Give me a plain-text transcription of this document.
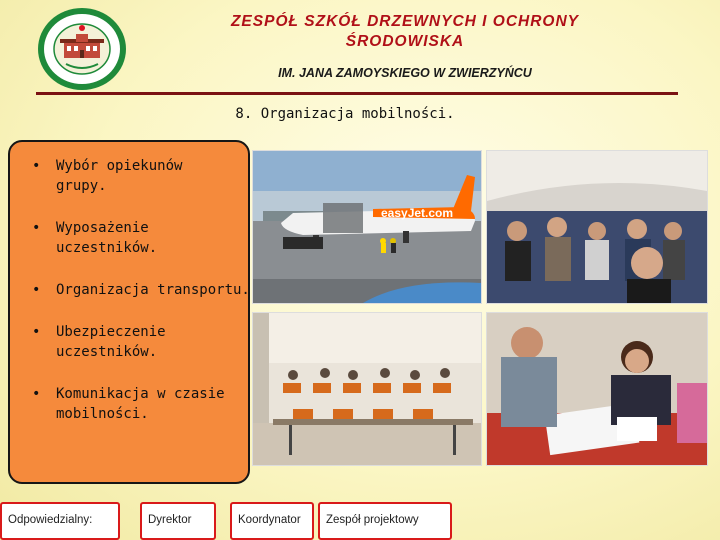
ZESPÓŁ SZKÓŁ DRZEWNYCH I OCHRONY
ŚRODOWISKA
IM. JANA ZAMOYSKIEGO W ZWIERZYŃCU
8. Organizacja mobilności.
• Wybór opiekunów grupy.
• Wyposażenie uczestników.
• Organizacja transportu.
• Ubezpieczenie uczestników.
• Komunikacja w czasie mobilności.
easyJet.com
Odpowiedzialny:	Dyrektor	Koordynator	Zespół projektowy
